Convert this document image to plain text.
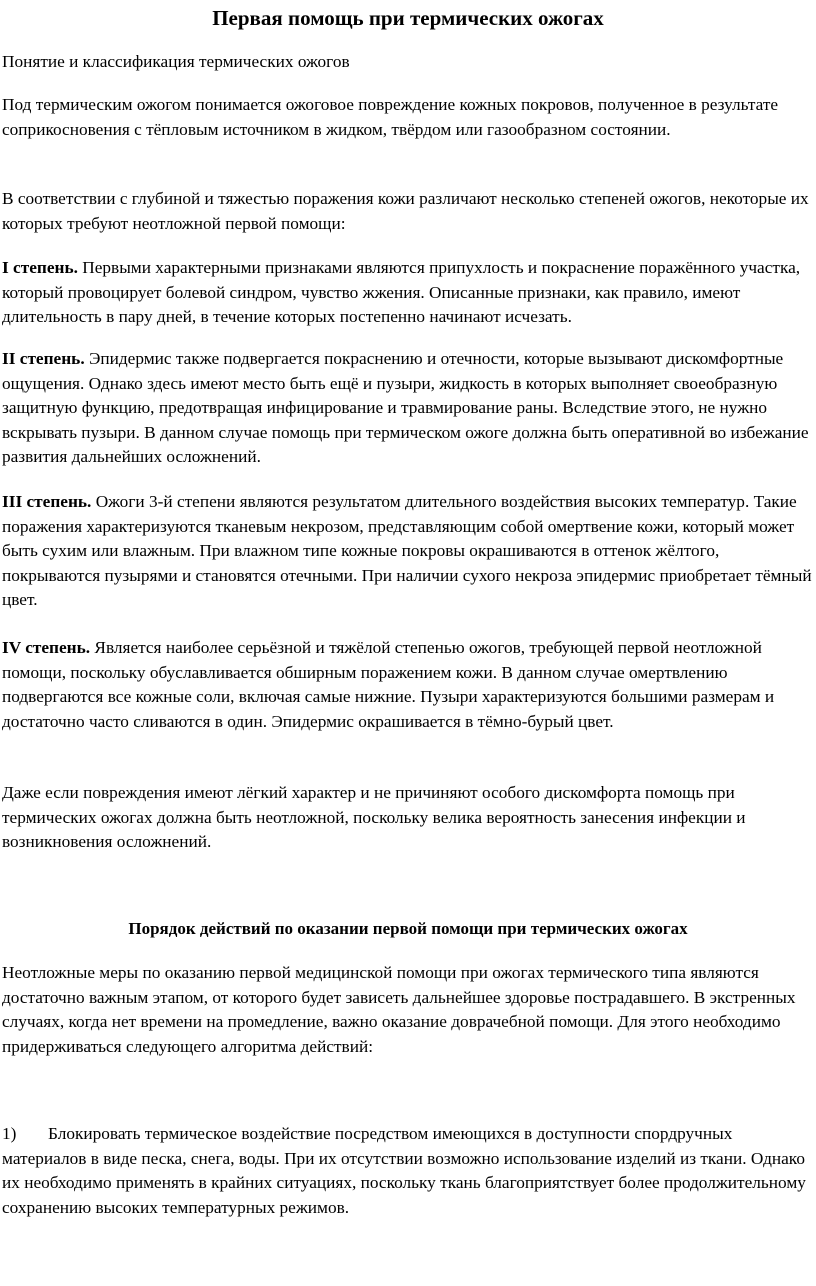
Первая помощь при термических ожогах

Понятие и классификация термических ожогов

Под термическим ожогом понимается ожоговое повреждение кожных покровов, полученное в результате соприкосновения с тёпловым источником в жидком, твёрдом или газообразном состоянии.

В соответствии с глубиной и тяжестью поражения кожи различают несколько степеней ожогов, некоторые их которых требуют неотложной первой помощи:

I степень. Первыми характерными признаками являются припухлость и покраснение поражённого участка, который провоцирует болевой синдром, чувство жжения. Описанные признаки, как правило, имеют длительность в пару дней, в течение которых постепенно начинают исчезать.

II степень. Эпидермис также подвергается покраснению и отечности, которые вызывают дискомфортные ощущения. Однако здесь имеют место быть ещё и пузыри, жидкость в которых выполняет своеобразную защитную функцию, предотвращая инфицирование и травмирование раны. Вследствие этого, не нужно вскрывать пузыри. В данном случае помощь при термическом ожоге должна быть оперативной во избежание развития дальнейших осложнений.

III степень. Ожоги 3-й степени являются результатом длительного воздействия высоких температур. Такие поражения характеризуются тканевым некрозом, представляющим собой омертвение кожи, который может быть сухим или влажным. При влажном типе кожные покровы окрашиваются в оттенок жёлтого, покрываются пузырями и становятся отечными. При наличии сухого некроза эпидермис приобретает тёмный цвет.

IV степень. Является наиболее серьёзной и тяжёлой степенью ожогов, требующей первой неотложной помощи, поскольку обуславливается обширным поражением кожи. В данном случае омертвлению подвергаются все кожные соли, включая самые нижние. Пузыри характеризуются большими размерам и достаточно часто сливаются в один. Эпидермис окрашивается в тёмно-бурый цвет.

Даже если повреждения имеют лёгкий характер и не причиняют особого дискомфорта помощь при термических ожогах должна быть неотложной, поскольку велика вероятность занесения инфекции и возникновения осложнений.

Порядок действий по оказании первой помощи при термических ожогах

Неотложные меры по оказанию первой медицинской помощи при ожогах термического типа являются достаточно важным этапом, от которого будет зависеть дальнейшее здоровье пострадавшего. В экстренных случаях, когда нет времени на промедление, важно оказание доврачебной помощи. Для этого необходимо придерживаться следующего алгоритма действий:

1) Блокировать термическое воздействие посредством имеющихся в доступности спордручных материалов в виде песка, снега, воды. При их отсутствии возможно использование изделий из ткани. Однако их необходимо применять в крайних ситуациях, поскольку ткань благоприятствует более продолжительному сохранению высоких температурных режимов.
